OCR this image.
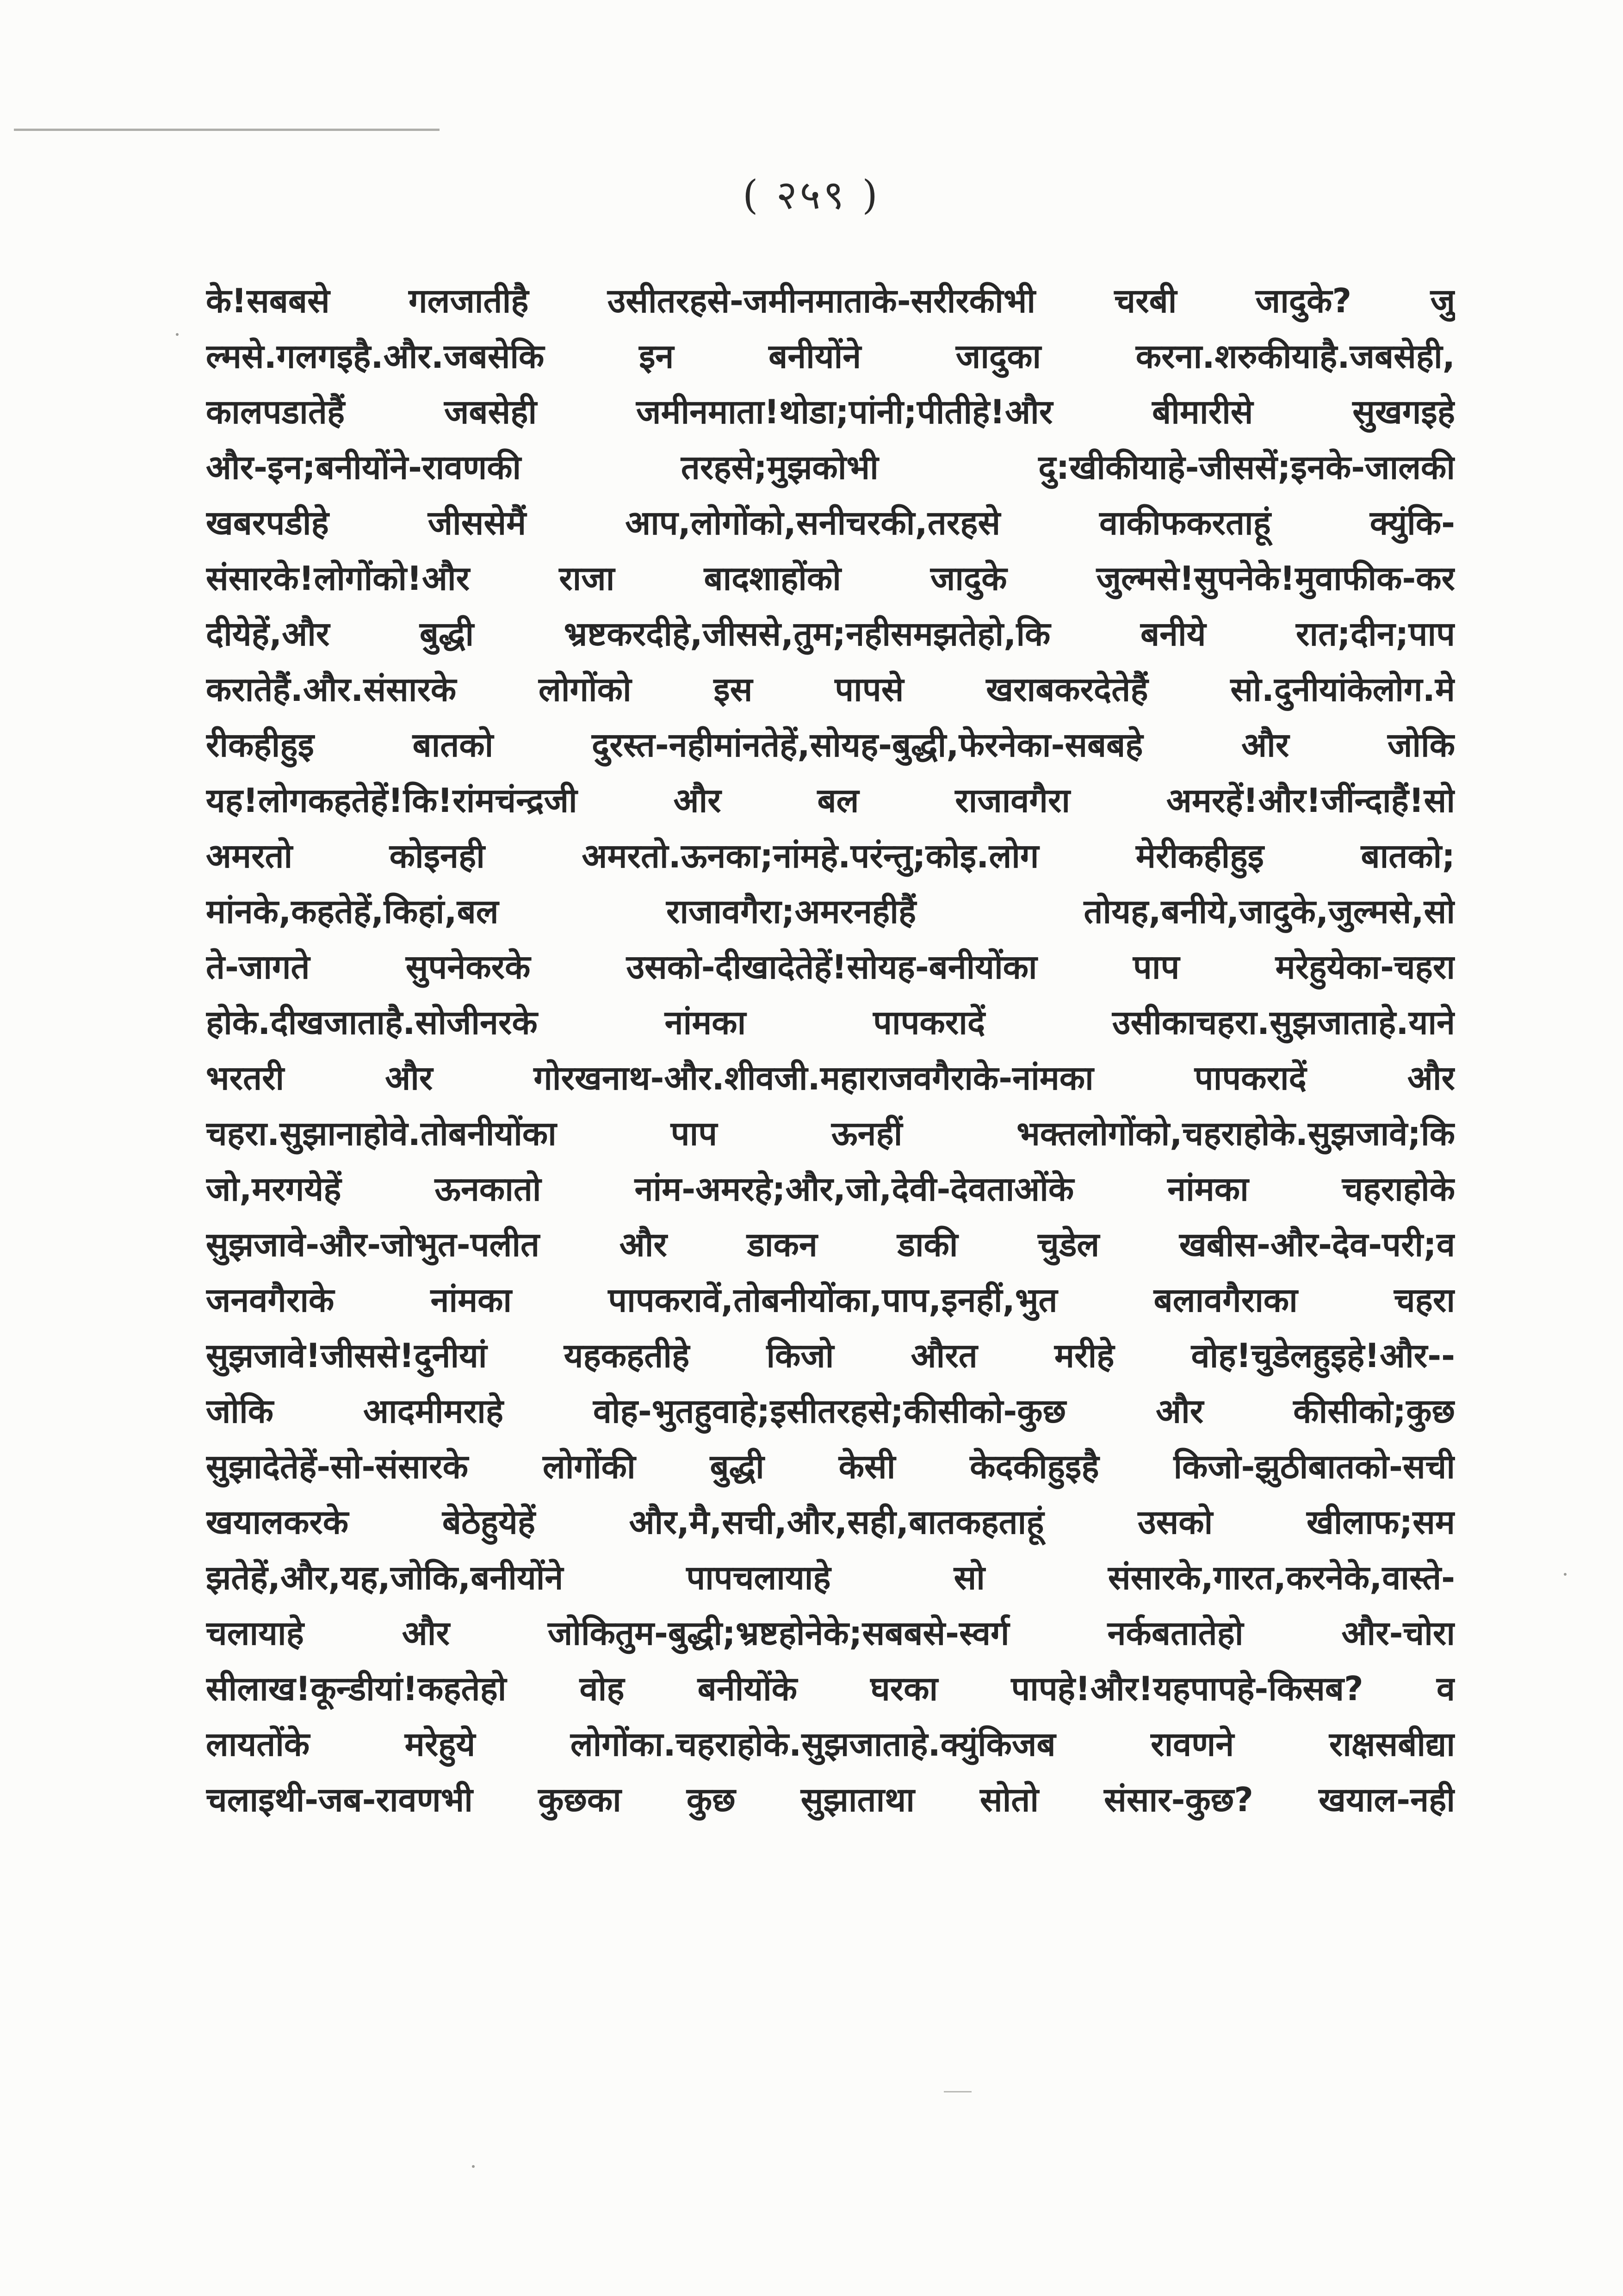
( २५९ )
के!सबबसे गलजातीहै उसीतरहसे-जमीनमाताके-सरीरकीभी चरबी जादुके? जु
ल्मसे.गलगइहै.और.जबसेकि इन बनीयोंने जादुका करना.शरुकीयाहै.जबसेही,
कालपडातेहैं जबसेही जमीनमाता!थोडा;पांनी;पीतीहे!और बीमारीसे सुखगइहे
और-इन;बनीयोंने-रावणकी तरहसे;मुझकोभी दु:खीकीयाहे-जीससें;इनके-जालकी
खबरपडीहे जीससेमैं आप,लोगोंको,सनीचरकी,तरहसे वाकीफकरताहूं क्युंकि-
संसारके!लोगोंको!और राजा बादशाहोंको जादुके जुल्मसे!सुपनेके!मुवाफीक-कर
दीयेहें,और बुद्धी भ्रष्टकरदीहे,जीससे,तुम;नहीसमझतेहो,कि बनीये रात;दीन;पाप
करातेहैं.और.संसारके लोगोंको इस पापसे खराबकरदेतेहैं सो.दुनीयांकेलोग.मे
रीकहीहुइ बातको दुरस्त-नहीमांनतेहें,सोयह-बुद्धी,फेरनेका-सबबहे और जोकि
यह!लोगकहतेहें!कि!रांमचंन्द्रजी और बल राजावगैरा अमरहें!और!जींन्दाहैं!सो
अमरतो कोइनही अमरतो.ऊनका;नांमहे.परंन्तु;कोइ.लोग मेरीकहीहुइ बातको;
मांनके,कहतेहें,किहां,बल राजावगैरा;अमरनहीहैं तोयह,बनीये,जादुके,जुल्मसे,सो
ते-जागते सुपनेकरके उसको-दीखादेतेहें!सोयह-बनीयोंका पाप मरेहुयेका-चहरा
होके.दीखजाताहै.सोजीनरके नांमका पापकरादें उसीकाचहरा.सुझजाताहे.याने
भरतरी और गोरखनाथ-और.शीवजी.महाराजवगैराके-नांमका पापकरादें और
चहरा.सुझानाहोवे.तोबनीयोंका पाप ऊनहीं भक्तलोगोंको,चहराहोके.सुझजावे;कि
जो,मरगयेहें ऊनकातो नांम-अमरहे;और,जो,देवी-देवताओंके नांमका चहराहोके
सुझजावे-और-जोभुत-पलीत और डाकन डाकी चुडेल खबीस-और-देव-परी;व
जनवगैराके नांमका पापकरावें,तोबनीयोंका,पाप,इनहीं,भुत बलावगैराका चहरा
सुझजावे!जीससे!दुनीयां यहकहतीहे किजो औरत मरीहे वोह!चुडेलहुइहे!और--
जोकि आदमीमराहे वोह-भुतहुवाहे;इसीतरहसे;कीसीको-कुछ और कीसीको;कुछ
सुझादेतेहें-सो-संसारके लोगोंकी बुद्धी केसी केदकीहुइहै किजो-झुठीबातको-सची
खयालकरके बेठेहुयेहें और,मै,सची,और,सही,बातकहताहूं उसको खीलाफ;सम
झतेहें,और,यह,जोकि,बनीयोंने पापचलायाहे सो संसारके,गारत,करनेके,वास्ते-
चलायाहे और जोकितुम-बुद्धी;भ्रष्टहोनेके;सबबसे-स्वर्ग नर्कबतातेहो और-चोरा
सीलाख!कून्डीयां!कहतेहो वोह बनीयोंके घरका पापहे!और!यहपापहे-किसब? व
लायतोंके मरेहुये लोगोंका.चहराहोके.सुझजाताहे.क्युंकिजब रावणने राक्षसबीद्या
चलाइथी-जब-रावणभी कुछका कुछ सुझाताथा सोतो संसार-कुछ? खयाल-नही
